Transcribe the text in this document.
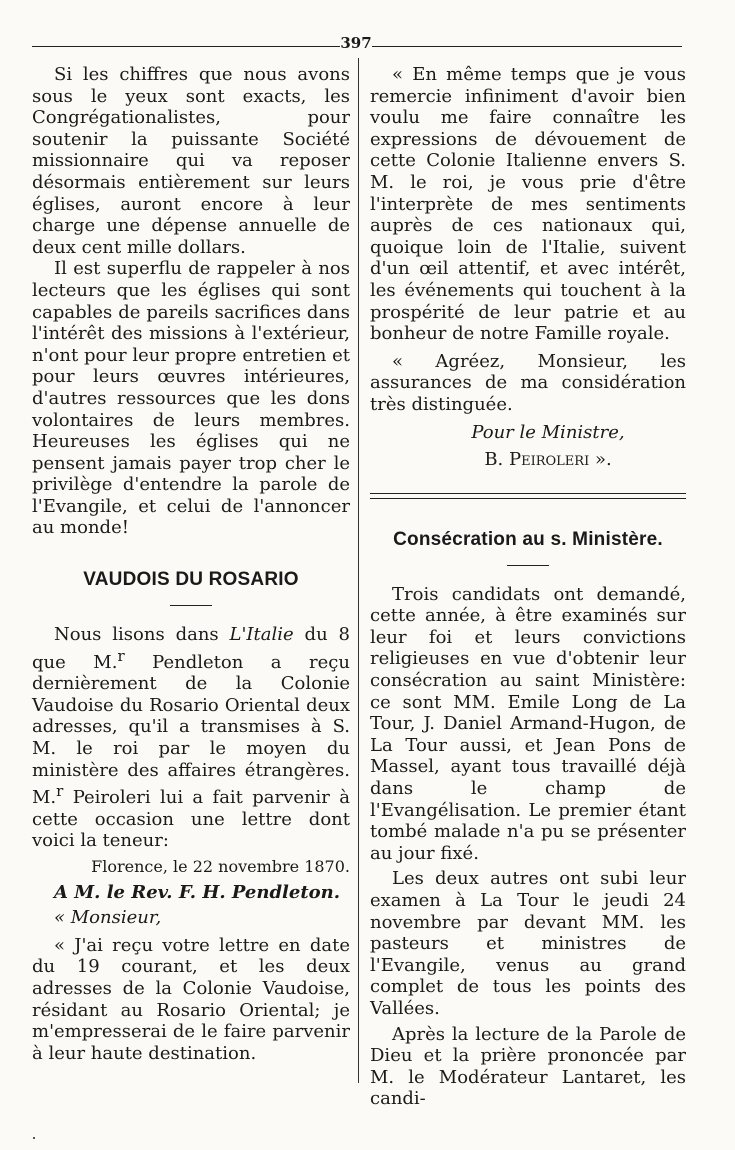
397

Si les chiffres que nous avons sous le yeux sont exacts, les Congrégationalistes, pour soutenir la puissante Société missionnaire qui va reposer désormais entièrement sur leurs églises, auront encore à leur charge une dépense annuelle de deux cent mille dollars.

Il est superflu de rappeler à nos lecteurs que les églises qui sont capables de pareils sacrifices dans l'intérêt des missions à l'extérieur, n'ont pour leur propre entretien et pour leurs œuvres intérieures, d'autres ressources que les dons volontaires de leurs membres. Heureuses les églises qui ne pensent jamais payer trop cher le privilège d'entendre la parole de l'Evangile, et celui de l'annoncer au monde!

VAUDOIS DU ROSARIO

Nous lisons dans L'Italie du 8 que M.$^r$ Pendleton a reçu dernièrement de la Colonie Vaudoise du Rosario Oriental deux adresses, qu'il a transmises à S. M. le roi par le moyen du ministère des affaires étrangères. M.$^r$ Peiroleri lui a fait parvenir à cette occasion une lettre dont voici la teneur:

Florence, le 22 novembre 1870.

A M. le Rev. F. H. Pendleton.

« Monsieur,

« J'ai reçu votre lettre en date du 19 courant, et les deux adresses de la Colonie Vaudoise, résidant au Rosario Oriental; je m'empresserai de le faire parvenir à leur haute destination.

« En même temps que je vous remercie infiniment d'avoir bien voulu me faire connaître les expressions de dévouement de cette Colonie Italienne envers S. M. le roi, je vous prie d'être l'interprète de mes sentiments auprès de ces nationaux qui, quoique loin de l'Italie, suivent d'un œil attentif, et avec intérêt, les événements qui touchent à la prospérité de leur patrie et au bonheur de notre Famille royale.

« Agréez, Monsieur, les assurances de ma considération très distinguée.

Pour le Ministre,

B. Peiroleri ».

Consécration au s. Ministère.

Trois candidats ont demandé, cette année, à être examinés sur leur foi et leurs convictions religieuses en vue d'obtenir leur consécration au saint Ministère: ce sont MM. Emile Long de La Tour, J. Daniel Armand-Hugon, de La Tour aussi, et Jean Pons de Massel, ayant tous travaillé déjà dans le champ de l'Evangélisation. Le premier étant tombé malade n'a pu se présenter au jour fixé.

Les deux autres ont subi leur examen à La Tour le jeudi 24 novembre par devant MM. les pasteurs et ministres de l'Evangile, venus au grand complet de tous les points des Vallées.

Après la lecture de la Parole de Dieu et la prière prononcée par M. le Modérateur Lantaret, les candi-
